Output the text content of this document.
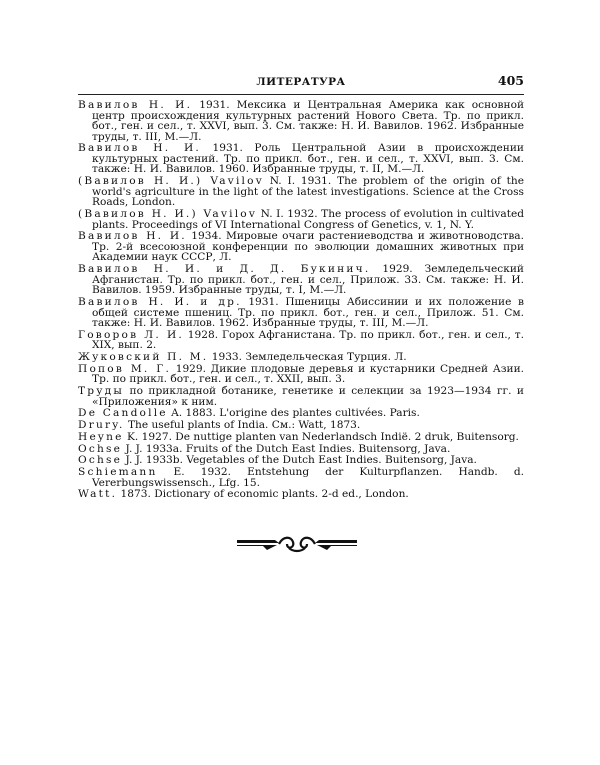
ЛИТЕРАТУРА	405
Вавилов Н. И. 1931. Мексика и Центральная Америка как основной центр происхождения культурных растений Нового Света. Тр. по прикл. бот., ген. и сел., т. XXVI, вып. 3. См. также: Н. И. Вавилов. 1962. Избранные труды, т. III, М.—Л.
Вавилов Н. И. 1931. Роль Центральной Азии в происхождении культурных растений. Тр. по прикл. бот., ген. и сел., т. XXVI, вып. 3. См. также: Н. И. Вавилов. 1960. Избранные труды, т. II, М.—Л.
(Вавилов Н. И.) Vavilov N. I. 1931. The problem of the origin of the world's agriculture in the light of the latest investigations. Science at the Cross Roads, London.
(Вавилов Н. И.) Vavilov N. I. 1932. The process of evolution in cultivated plants. Proceedings of VI International Congress of Genetics, v. 1, N. Y.
Вавилов Н. И. 1934. Мировые очаги растениеводства и животноводства. Тр. 2-й всесоюзной конференции по эволюции домашних животных при Академии наук СССР, Л.
Вавилов Н. И. и Д. Д. Букинич. 1929. Земледельческий Афганистан. Тр. по прикл. бот., ген. и сел., Прилож. 33. См. также: Н. И. Вавилов. 1959. Избранные труды, т. I, М.—Л.
Вавилов Н. И. и др. 1931. Пшеницы Абиссинии и их положение в общей системе пшениц. Тр. по прикл. бот., ген. и сел., Прилож. 51. См. также: Н. И. Вавилов. 1962. Избранные труды, т. III, М.—Л.
Говоров Л. И. 1928. Горох Афганистана. Тр. по прикл. бот., ген. и сел., т. XIX, вып. 2.
Жуковский П. М. 1933. Земледельческая Турция. Л.
Попов М. Г. 1929. Дикие плодовые деревья и кустарники Средней Азии. Тр. по прикл. бот., ген. и сел., т. XXII, вып. 3.
Труды по прикладной ботанике, генетике и селекции за 1923—1934 гг. и «Приложения» к ним.
De Candolle A. 1883. L'origine des plantes cultivées. Paris.
Drury. The useful plants of India. См.: Watt, 1873.
Heyne K. 1927. De nuttige planten van Nederlandsch Indië. 2 druk, Buitensorg.
Ochse J. J. 1933a. Fruits of the Dutch East Indies. Buitensorg, Java.
Ochse J. J. 1933b. Vegetables of the Dutch East Indies. Buitensorg, Java.
Schiemann E. 1932. Entstehung der Kulturpflanzen. Handb. d. Vererbungswissensch., Lfg. 15.
Watt. 1873. Dictionary of economic plants. 2-d ed., London.
